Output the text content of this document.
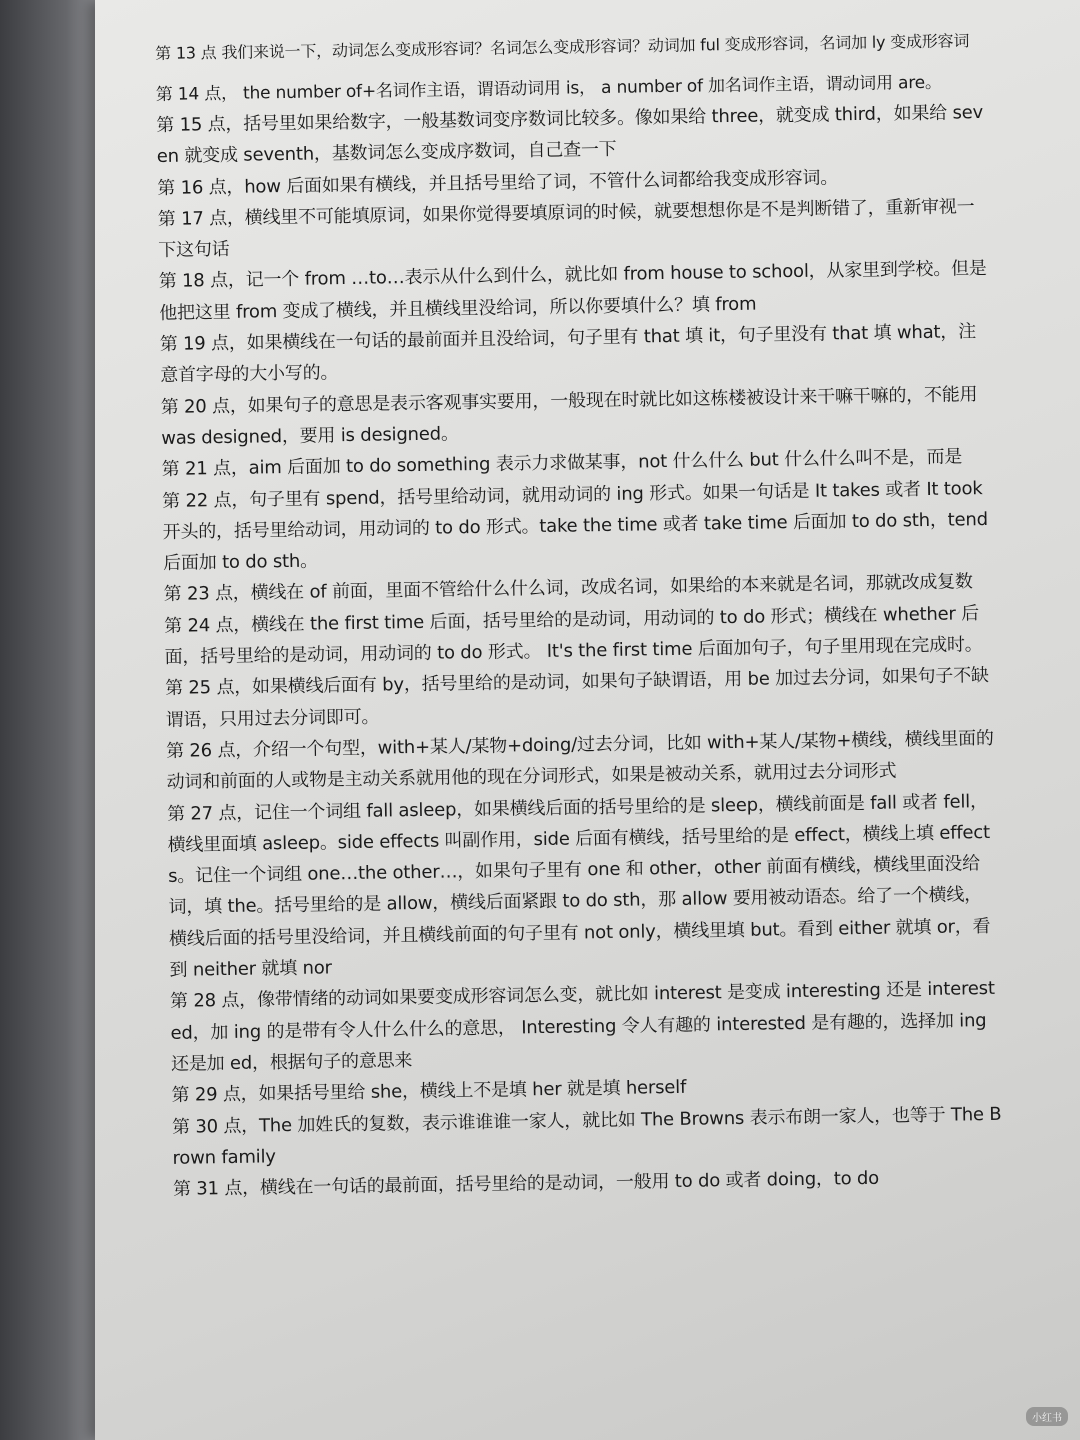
第 13 点 我们来说一下，动词怎么变成形容词？名词怎么变成形容词？动词加 ful 变成形容词，名词加 ly 变成形容词

第 14 点， the number of+名词作主语，谓语动词用 is， a number of 加名词作主语，谓动词用 are。

第 15 点，括号里如果给数字，一般基数词变序数词比较多。像如果给 three，就变成 third，如果给 seven 就变成 seventh，基数词怎么变成序数词，自己查一下

第 16 点，how 后面如果有横线，并且括号里给了词，不管什么词都给我变成形容词。

第 17 点，横线里不可能填原词，如果你觉得要填原词的时候，就要想想你是不是判断错了，重新审视一下这句话

第 18 点，记一个 from …to…表示从什么到什么，就比如 from house to school，从家里到学校。但是他把这里 from 变成了横线，并且横线里没给词，所以你要填什么？填 from

第 19 点，如果横线在一句话的最前面并且没给词，句子里有 that 填 it，句子里没有 that 填 what，注意首字母的大小写的。

第 20 点，如果句子的意思是表示客观事实要用，一般现在时就比如这栋楼被设计来干嘛干嘛的，不能用 was designed，要用 is designed。

第 21 点，aim 后面加 to do something 表示力求做某事，not 什么什么 but 什么什么叫不是，而是

第 22 点，句子里有 spend，括号里给动词，就用动词的 ing 形式。如果一句话是 It takes 或者 It took 开头的，括号里给动词，用动词的 to do 形式。take the time 或者 take time 后面加 to do sth，tend 后面加 to do sth。

第 23 点，横线在 of 前面，里面不管给什么什么词，改成名词，如果给的本来就是名词，那就改成复数

第 24 点，横线在 the first time 后面，括号里给的是动词，用动词的 to do 形式；横线在 whether 后面，括号里给的是动词，用动词的 to do 形式。 It's the first time 后面加句子，句子里用现在完成时。

第 25 点，如果横线后面有 by，括号里给的是动词，如果句子缺谓语，用 be 加过去分词，如果句子不缺谓语，只用过去分词即可。

第 26 点，介绍一个句型，with+某人/某物+doing/过去分词，比如 with+某人/某物+横线，横线里面的动词和前面的人或物是主动关系就用他的现在分词形式，如果是被动关系，就用过去分词形式

第 27 点，记住一个词组 fall asleep，如果横线后面的括号里给的是 sleep，横线前面是 fall 或者 fell，横线里面填 asleep。side effects 叫副作用，side 后面有横线，括号里给的是 effect，横线上填 effects。记住一个词组 one…the other…，如果句子里有 one 和 other，other 前面有横线，横线里面没给词，填 the。括号里给的是 allow，横线后面紧跟 to do sth，那 allow 要用被动语态。给了一个横线，横线后面的括号里没给词，并且横线前面的句子里有 not only，横线里填 but。看到 either 就填 or，看到 neither 就填 nor

第 28 点，像带情绪的动词如果要变成形容词怎么变，就比如 interest 是变成 interesting 还是 interested，加 ing 的是带有令人什么什么的意思， Interesting 令人有趣的 interested 是有趣的，选择加 ing 还是加 ed，根据句子的意思来

第 29 点，如果括号里给 she，横线上不是填 her 就是填 herself

第 30 点，The 加姓氏的复数，表示谁谁谁一家人，就比如 The Browns 表示布朗一家人，也等于 The Brown family

第 31 点，横线在一句话的最前面，括号里给的是动词，一般用 to do 或者 doing，to do

小红书
